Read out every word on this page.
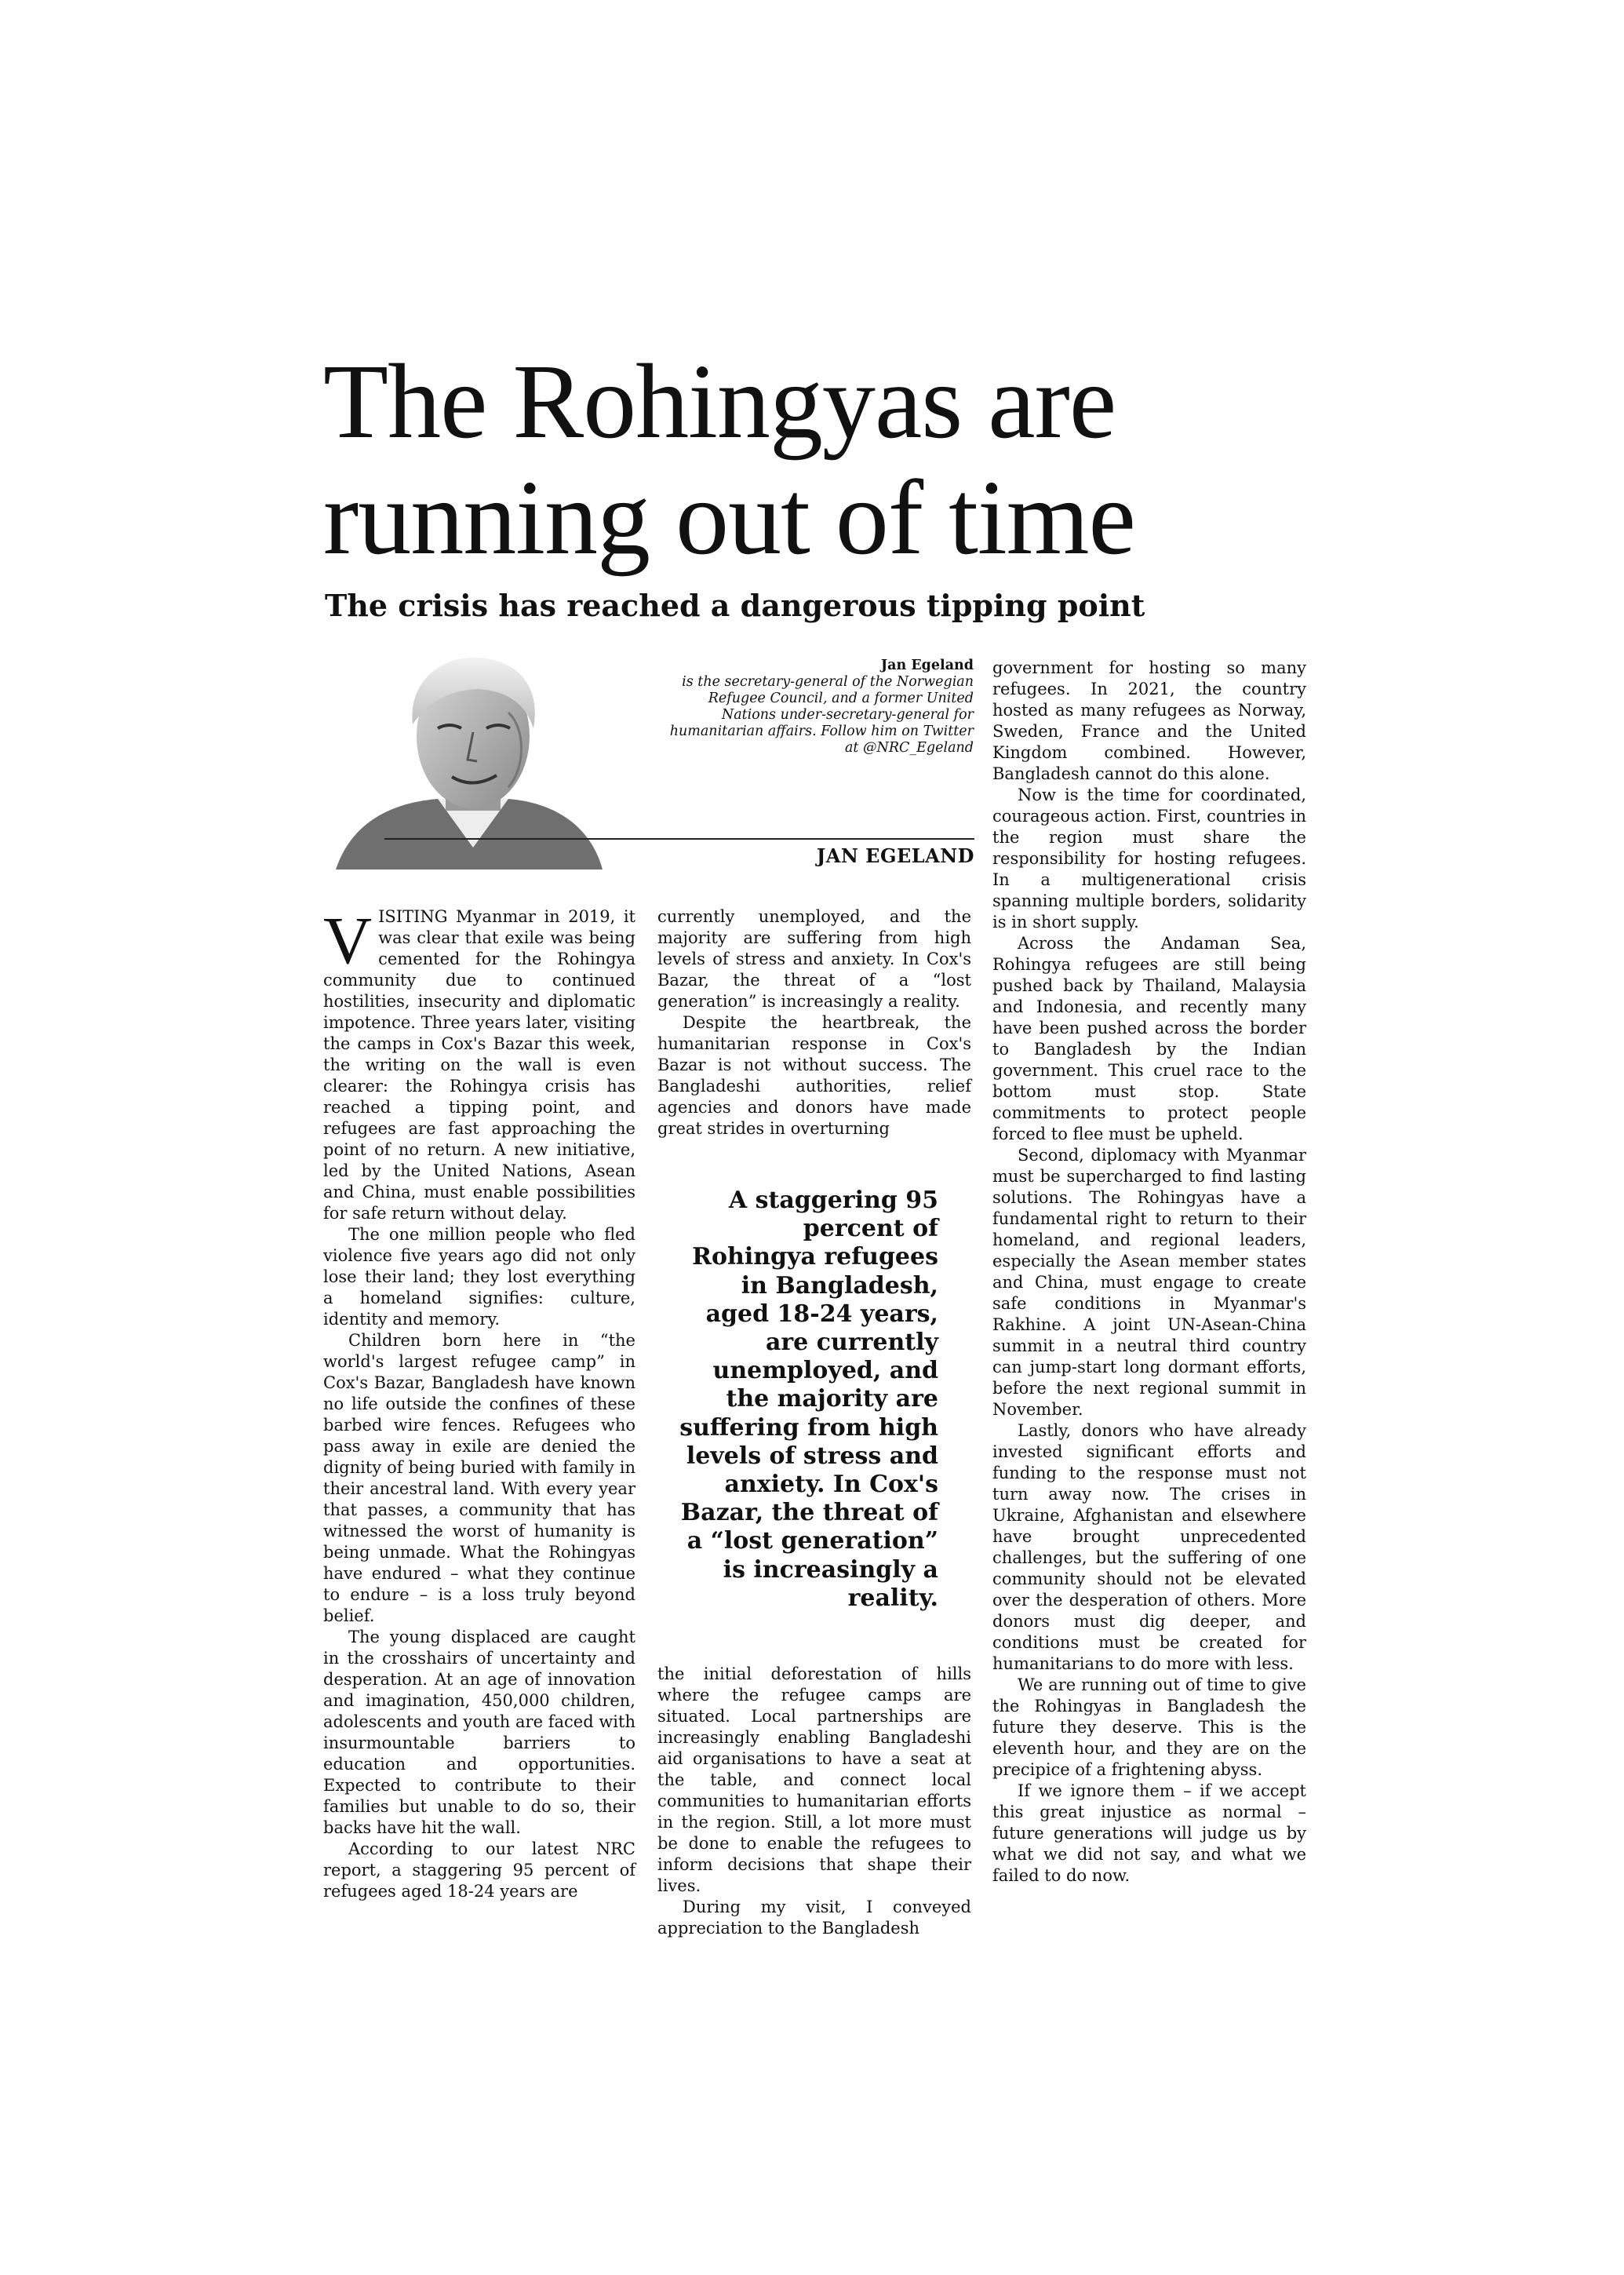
The Rohingyas are running out of time
The crisis has reached a dangerous tipping point
Jan Egeland
is the secretary-general of the Norwegian Refugee Council, and a former United Nations under-secretary-general for humanitarian affairs. Follow him on Twitter at @NRC_Egeland
JAN EGELAND

VISITING Myanmar in 2019, it was clear that exile was being cemented for the Rohingya community due to continued hostilities, insecurity and diplomatic impotence. Three years later, visiting the camps in Cox's Bazar this week, the writing on the wall is even clearer: the Rohingya crisis has reached a tipping point, and refugees are fast approaching the point of no return. A new initiative, led by the United Nations, Asean and China, must enable possibilities for safe return without delay.

The one million people who fled violence five years ago did not only lose their land; they lost everything a homeland signifies: culture, identity and memory.

Children born here in “the world's largest refugee camp” in Cox's Bazar, Bangladesh have known no life outside the confines of these barbed wire fences. Refugees who pass away in exile are denied the dignity of being buried with family in their ancestral land. With every year that passes, a community that has witnessed the worst of humanity is being unmade. What the Rohingyas have endured – what they continue to endure – is a loss truly beyond belief.

The young displaced are caught in the crosshairs of uncertainty and desperation. At an age of innovation and imagination, 450,000 children, adolescents and youth are faced with insurmountable barriers to education and opportunities. Expected to contribute to their families but unable to do so, their backs have hit the wall.

According to our latest NRC report, a staggering 95 percent of refugees aged 18-24 years are

currently unemployed, and the majority are suffering from high levels of stress and anxiety. In Cox's Bazar, the threat of a “lost generation” is increasingly a reality.

Despite the heartbreak, the humanitarian response in Cox's Bazar is not without success. The Bangladeshi authorities, relief agencies and donors have made great strides in overturning

A staggering 95 percent of Rohingya refugees in Bangladesh, aged 18-24 years, are currently unemployed, and the majority are suffering from high levels of stress and anxiety. In Cox's Bazar, the threat of a “lost generation” is increasingly a reality.

the initial deforestation of hills where the refugee camps are situated. Local partnerships are increasingly enabling Bangladeshi aid organisations to have a seat at the table, and connect local communities to humanitarian efforts in the region. Still, a lot more must be done to enable the refugees to inform decisions that shape their lives.

During my visit, I conveyed appreciation to the Bangladesh

government for hosting so many refugees. In 2021, the country hosted as many refugees as Norway, Sweden, France and the United Kingdom combined. However, Bangladesh cannot do this alone.

Now is the time for coordinated, courageous action. First, countries in the region must share the responsibility for hosting refugees. In a multigenerational crisis spanning multiple borders, solidarity is in short supply.

Across the Andaman Sea, Rohingya refugees are still being pushed back by Thailand, Malaysia and Indonesia, and recently many have been pushed across the border to Bangladesh by the Indian government. This cruel race to the bottom must stop. State commitments to protect people forced to flee must be upheld.

Second, diplomacy with Myanmar must be supercharged to find lasting solutions. The Rohingyas have a fundamental right to return to their homeland, and regional leaders, especially the Asean member states and China, must engage to create safe conditions in Myanmar's Rakhine. A joint UN-Asean-China summit in a neutral third country can jump-start long dormant efforts, before the next regional summit in November.

Lastly, donors who have already invested significant efforts and funding to the response must not turn away now. The crises in Ukraine, Afghanistan and elsewhere have brought unprecedented challenges, but the suffering of one community should not be elevated over the desperation of others. More donors must dig deeper, and conditions must be created for humanitarians to do more with less.

We are running out of time to give the Rohingyas in Bangladesh the future they deserve. This is the eleventh hour, and they are on the precipice of a frightening abyss.

If we ignore them – if we accept this great injustice as normal – future generations will judge us by what we did not say, and what we failed to do now.
